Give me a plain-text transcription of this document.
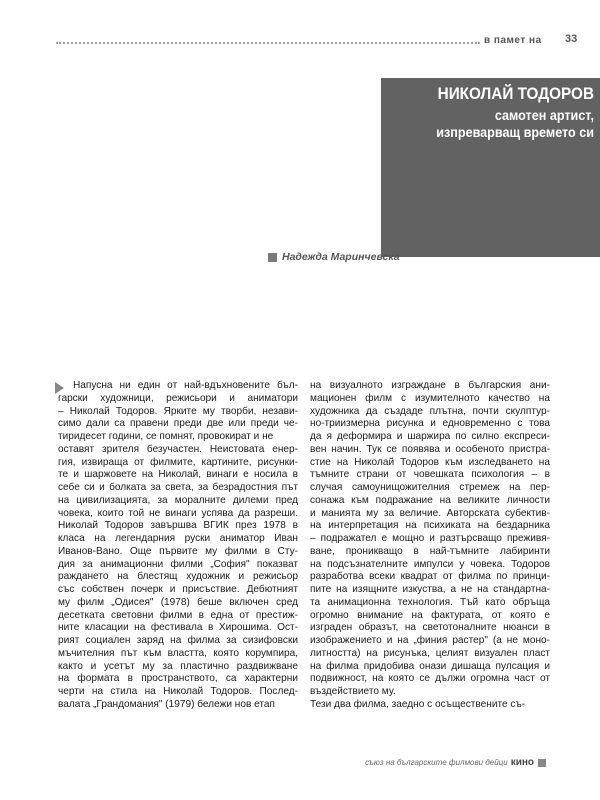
в памет на 33
НИКОЛАЙ ТОДОРОВ
самотен артист,
изпреварващ времето си
Надежда Маринчевска
Напусна ни един от най-вдъхновените бъл-
гарски художници, режисьори и аниматори
– Николай Тодоров. Ярките му творби, незави-
симо дали са правени преди две или преди че-
тиридесет години, се помнят, провокират и не
оставят зрителя безучастен. Неистовата енер-
гия, извираща от филмите, картините, рисунки-
те и шаржовете на Николай, винаги е носила в
себе си и болката за света, за безрадостния път
на цивилизацията, за моралните дилеми пред
човека, които той не винаги успява да разреши.
Николай Тодоров завършва ВГИК през 1978 в
класа на легендарния руски аниматор Иван
Иванов-Вано. Още първите му филми в Сту-
дия за анимационни филми „София" показват
раждането на блестящ художник и режисьор
със собствен почерк и присъствие. Дебютният
му филм „Одисея" (1978) беше включен сред
десетката световни филми в една от престиж-
ните класации на фестивала в Хирошима. Ост-
рият социален заряд на филма за сизифовски
мъчителния път към властта, която корумпира,
както и усетът му за пластично раздвижване
на формата в пространството, са характерни
черти на стила на Николай Тодоров. Послед-
валата „Грандомания" (1979) бележи нов етап
на визуалното изграждане в българския ани-
мационен филм с изумителното качество на
художника да създаде плътна, почти скулптур-
но-триизмерна рисунка и едновременно с това
да я деформира и шаржира по силно експреси-
вен начин. Тук се появява и особеното пристра-
стие на Николай Тодоров към изследването на
тъмните страни от човешката психология – в
случая самоунищожителния стремеж на пер-
сонажа към подражание на великите личности
и манията му за величие. Авторската субектив-
на интерпретация на психиката на бездарника
– подражател е мощно и разтърсващо преживя-
ване, проникващо в най-тъмните лабиринти
на подсъзнателните импулси у човека. Тодоров
разработва всеки квадрат от филма по принци-
пите на изящните изкуства, а не на стандартна-
та анимационна технология. Тъй като обръща
огромно внимание на фактурата, от която е
изграден образът, на светотоналните нюанси в
изображението и на „финия растер" (а не моно-
литността) на рисунъка, целият визуален пласт
на филма придобива онази дишаща пулсация и
подвижност, на която се дължи огромна част от
въздействието му.
Тези два филма, заедно с осъществените съ-
съюз на българските филмови дейци кино
